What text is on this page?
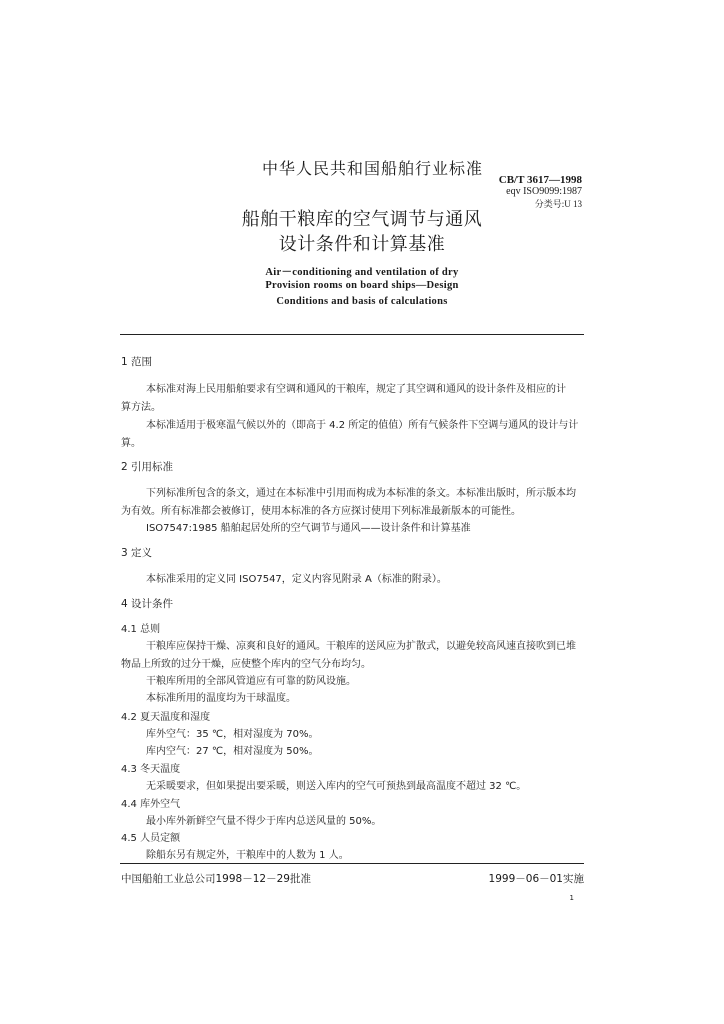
中华人民共和国船舶行业标准
CB/T 3617—1998
eqv ISO9099:1987
分类号:U 13
船舶干粮库的空气调节与通风
设计条件和计算基准
Air－conditioning and ventilation of dry
Provision rooms on board ships—Design
Conditions and basis of calculations
1 范围
本标准对海上民用船舶要求有空调和通风的干粮库，规定了其空调和通风的设计条件及相应的计
算方法。
本标准适用于极寒温气候以外的（即高于 4.2 所定的值值）所有气候条件下空调与通风的设计与计
算。
2 引用标准
下列标准所包含的条文，通过在本标准中引用而构成为本标准的条文。本标准出版时，所示版本均
为有效。所有标准都会被修订，使用本标准的各方应探讨使用下列标准最新版本的可能性。
ISO7547:1985 船舶起居处所的空气调节与通风——设计条件和计算基准
3 定义
本标准采用的定义同 ISO7547，定义内容见附录 A（标准的附录）。
4 设计条件
4.1 总则
干粮库应保持干燥、凉爽和良好的通风。干粮库的送风应为扩散式，以避免较高风速直接吹到已堆
物品上所致的过分干燥，应使整个库内的空气分布均匀。
干粮库所用的全部风管道应有可靠的防风设施。
本标准所用的温度均为干球温度。
4.2 夏天温度和湿度
库外空气：35 ℃，相对湿度为 70%。
库内空气：27 ℃，相对湿度为 50%。
4.3 冬天温度
无采暖要求，但如果提出要采暖，则送入库内的空气可预热到最高温度不超过 32 ℃。
4.4 库外空气
最小库外新鲜空气量不得少于库内总送风量的 50%。
4.5 人员定额
除船东另有规定外，干粮库中的人数为 1 人。
中国船舶工业总公司1998－12－29批准	1999－06－01实施
1
